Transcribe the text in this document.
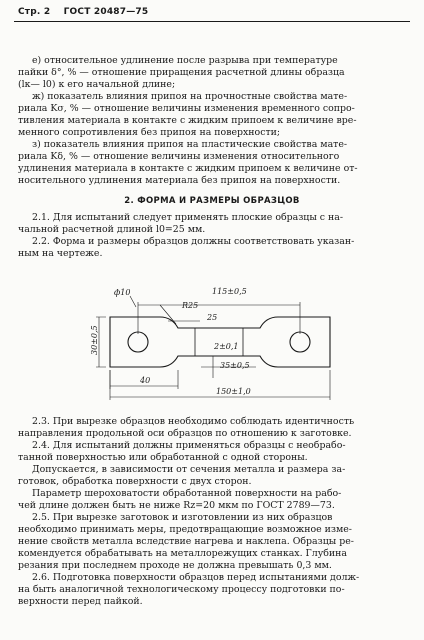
Стр. 2 ГОСТ 20487—75
е) относительное удлинение после разрыва при температуре
пайки δ°, % — отношение приращения расчетной длины образца
(lк— l0) к его начальной длине;
ж) показатель влияния припоя на прочностные свойства мате-
риала Kσ, % — отношение величины изменения временного сопро-
тивления материала в контакте с жидким припоем к величине вре-
менного сопротивления без припоя на поверхности;
з) показатель влияния припоя на пластические свойства мате-
риала Kδ, % — отношение величины изменения относительного
удлинения материала в контакте с жидким припоем к величине от-
носительного удлинения материала без припоя на поверхности.
2. ФОРМА И РАЗМЕРЫ ОБРАЗЦОВ
2.1. Для испытаний следует применять плоские образцы с на-
чальной расчетной длиной l0=25 мм.
2.2. Форма и размеры образцов должны соответствовать указан-
ным на чертеже.
115±0,5
ф10
R25
25
30±0,5	2±0,1
35±0,5
40
150±1,0
2.3. При вырезке образцов необходимо соблюдать идентичность
направления продольной оси образцов по отношению к заготовке.
2.4. Для испытаний должны применяться образцы с необрабо-
танной поверхностью или обработанной с одной стороны.
Допускается, в зависимости от сечения металла и размера за-
готовок, обработка поверхности с двух сторон.
Параметр шероховатости обработанной поверхности на рабо-
чей длине должен быть не ниже Rz=20 мкм по ГОСТ 2789—73.
2.5. При вырезке заготовок и изготовлении из них образцов
необходимо принимать меры, предотвращающие возможное изме-
нение свойств металла вследствие нагрева и наклепа. Образцы ре-
комендуется обрабатывать на металлорежущих станках. Глубина
резания при последнем проходе не должна превышать 0,3 мм.
2.6. Подготовка поверхности образцов перед испытаниями долж-
на быть аналогичной технологическому процессу подготовки по-
верхности перед пайкой.
